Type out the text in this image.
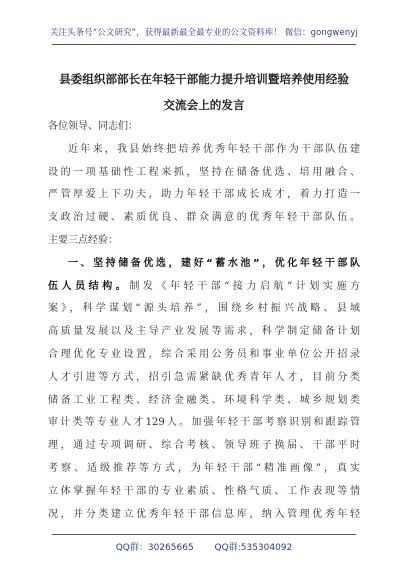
关注头条号“公文研究”，获得最新最全最专业的公文资料库！ 微信：gongwenyj
县委组织部部长在年轻干部能力提升培训暨培养使用经验
交流会上的发言
各位领导、同志们：
近年来，我县始终把培养优秀年轻干部作为干部队伍建
设的一项基础性工程来抓，坚持在储备优选、培用融合、
严管厚爱上下功夫，助力年轻干部成长成才，着力打造一
支政治过硬、素质优良、群众满意的优秀年轻干部队伍。
主要三点经验：
一、坚持储备优选，建好“蓄水池”，优化年轻干部队
伍人员结构。制发《年轻干部“接力启航”计划实施方
案》，科学谋划“源头培养”，围绕乡村振兴战略、县域
高质量发展以及主导产业发展等需求，科学制定储备计划
合理优化专业设置，综合采用公务员和事业单位公开招录
人才引进等方式，招引急需紧缺优秀青年人才，目前分类
储备工业工程类、经济金融类、环境科学类、城乡规划类
审计类等专业人才129人。加强年轻干部考察识别和跟踪管
理，通过专项调研、综合考核、领导班子换届、干部平时
考察、适级推荐等方式，为年轻干部“精准画像”，真实
立体掌握年轻干部的专业素质、性格气质、工作表现等情
况，并分类建立优秀年轻干部信息库，纳入管理优秀年轻
QQ群：30265665 QQ群:535304092
